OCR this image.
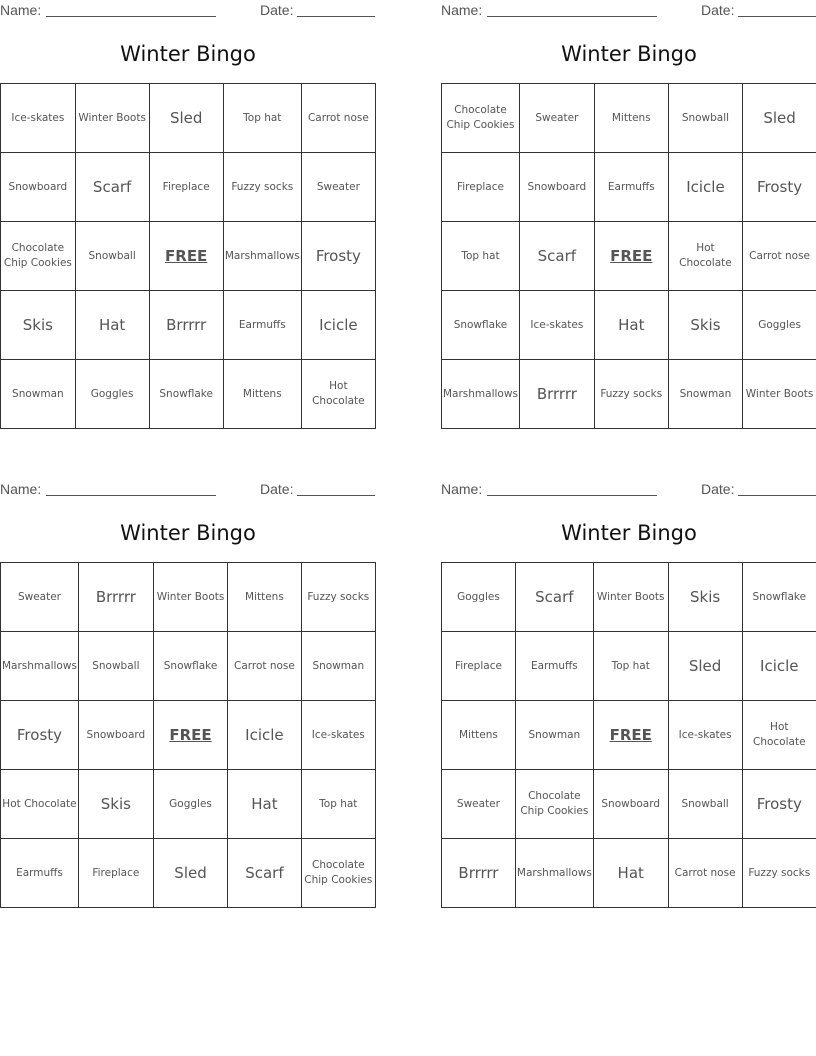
Name:	Date:
Winter Bingo
Ice-skates	Winter Boots	Sled	Top hat	Carrot nose
Snowboard	Scarf	Fireplace	Fuzzy socks	Sweater
Chocolate Chip Cookies	Snowball	FREE	Marshmallows	Frosty
Skis	Hat	Brrrrr	Earmuffs	Icicle
Snowman	Goggles	Snowflake	Mittens	Hot Chocolate
Name:	Date:
Winter Bingo
Chocolate Chip Cookies	Sweater	Mittens	Snowball	Sled
Fireplace	Snowboard	Earmuffs	Icicle	Frosty
Top hat	Scarf	FREE	Hot Chocolate	Carrot nose
Snowflake	Ice-skates	Hat	Skis	Goggles
Marshmallows	Brrrrr	Fuzzy socks	Snowman	Winter Boots
Name:	Date:
Winter Bingo
Sweater	Brrrrr	Winter Boots	Mittens	Fuzzy socks
Marshmallows	Snowball	Snowflake	Carrot nose	Snowman
Frosty	Snowboard	FREE	Icicle	Ice-skates
Hot Chocolate	Skis	Goggles	Hat	Top hat
Earmuffs	Fireplace	Sled	Scarf	Chocolate Chip Cookies
Name:	Date:
Winter Bingo
Goggles	Scarf	Winter Boots	Skis	Snowflake
Fireplace	Earmuffs	Top hat	Sled	Icicle
Mittens	Snowman	FREE	Ice-skates	Hot Chocolate
Sweater	Chocolate Chip Cookies	Snowboard	Snowball	Frosty
Brrrrr	Marshmallows	Hat	Carrot nose	Fuzzy socks
